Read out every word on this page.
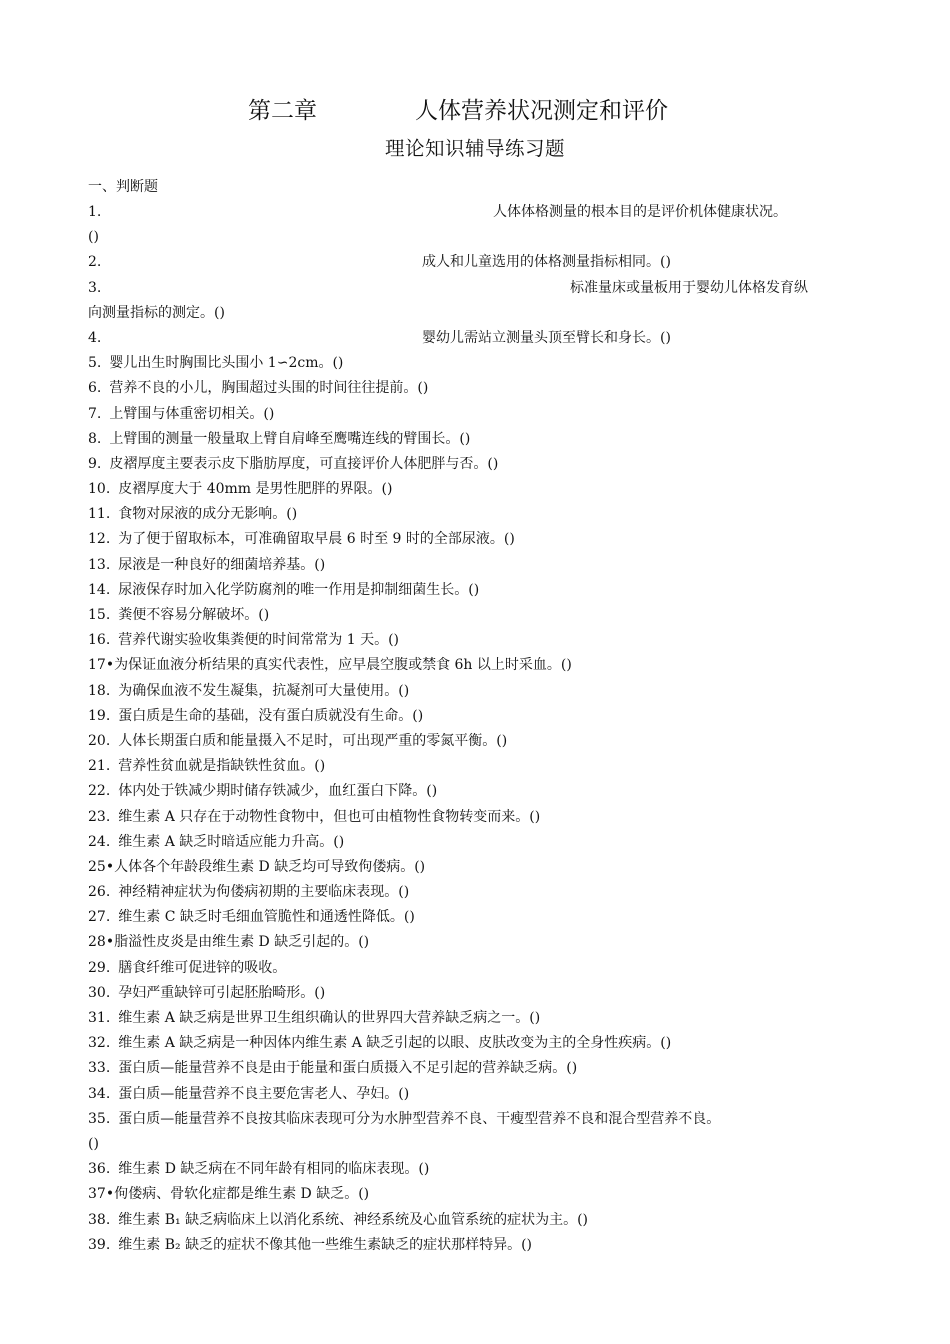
第二章	人体营养状况测定和评价
理论知识辅导练习题
一、判断题
1.	人体体格测量的根本目的是评价机体健康状况。
()
2.	成人和儿童选用的体格测量指标相同。()
3.	标准量床或量板用于婴幼儿体格发育纵
向测量指标的测定。()
4.	婴幼儿需站立测量头顶至臂长和身长。()
5. 婴儿出生时胸围比头围小 1∽2cm。()
6. 营养不良的小儿，胸围超过头围的时间往往提前。()
7. 上臂围与体重密切相关。()
8. 上臂围的测量一般量取上臂自肩峰至鹰嘴连线的臂围长。()
9. 皮褶厚度主要表示皮下脂肪厚度，可直接评价人体肥胖与否。()
10. 皮褶厚度大于 40mm 是男性肥胖的界限。()
11. 食物对尿液的成分无影响。()
12. 为了便于留取标本，可准确留取早晨 6 时至 9 时的全部尿液。()
13. 尿液是一种良好的细菌培养基。()
14. 尿液保存时加入化学防腐剂的唯一作用是抑制细菌生长。()
15. 粪便不容易分解破坏。()
16. 营养代谢实验收集粪便的时间常常为 1 天。()
17•为保证血液分析结果的真实代表性，应早晨空腹或禁食 6h 以上时采血。()
18. 为确保血液不发生凝集，抗凝剂可大量使用。()
19. 蛋白质是生命的基础，没有蛋白质就没有生命。()
20. 人体长期蛋白质和能量摄入不足时，可出现严重的零氮平衡。()
21. 营养性贫血就是指缺铁性贫血。()
22. 体内处于铁减少期时储存铁减少，血红蛋白下降。()
23. 维生素 A 只存在于动物性食物中，但也可由植物性食物转变而来。()
24. 维生素 A 缺乏时暗适应能力升高。()
25•人体各个年龄段维生素 D 缺乏均可导致佝偻病。()
26. 神经精神症状为佝偻病初期的主要临床表现。()
27. 维生素 C 缺乏时毛细血管脆性和通透性降低。()
28•脂溢性皮炎是由维生素 D 缺乏引起的。()
29. 膳食纤维可促进锌的吸收。
30. 孕妇严重缺锌可引起胚胎畸形。()
31. 维生素 A 缺乏病是世界卫生组织确认的世界四大营养缺乏病之一。()
32. 维生素 A 缺乏病是一种因体内维生素 A 缺乏引起的以眼、皮肤改变为主的全身性疾病。()
33. 蛋白质—能量营养不良是由于能量和蛋白质摄入不足引起的营养缺乏病。()
34. 蛋白质—能量营养不良主要危害老人、孕妇。()
35. 蛋白质—能量营养不良按其临床表现可分为水肿型营养不良、干瘦型营养不良和混合型营养不良。
()
36. 维生素 D 缺乏病在不同年龄有相同的临床表现。()
37•佝偻病、骨软化症都是维生素 D 缺乏。()
38. 维生素 B₁ 缺乏病临床上以消化系统、神经系统及心血管系统的症状为主。()
39. 维生素 B₂ 缺乏的症状不像其他一些维生素缺乏的症状那样特异。()
